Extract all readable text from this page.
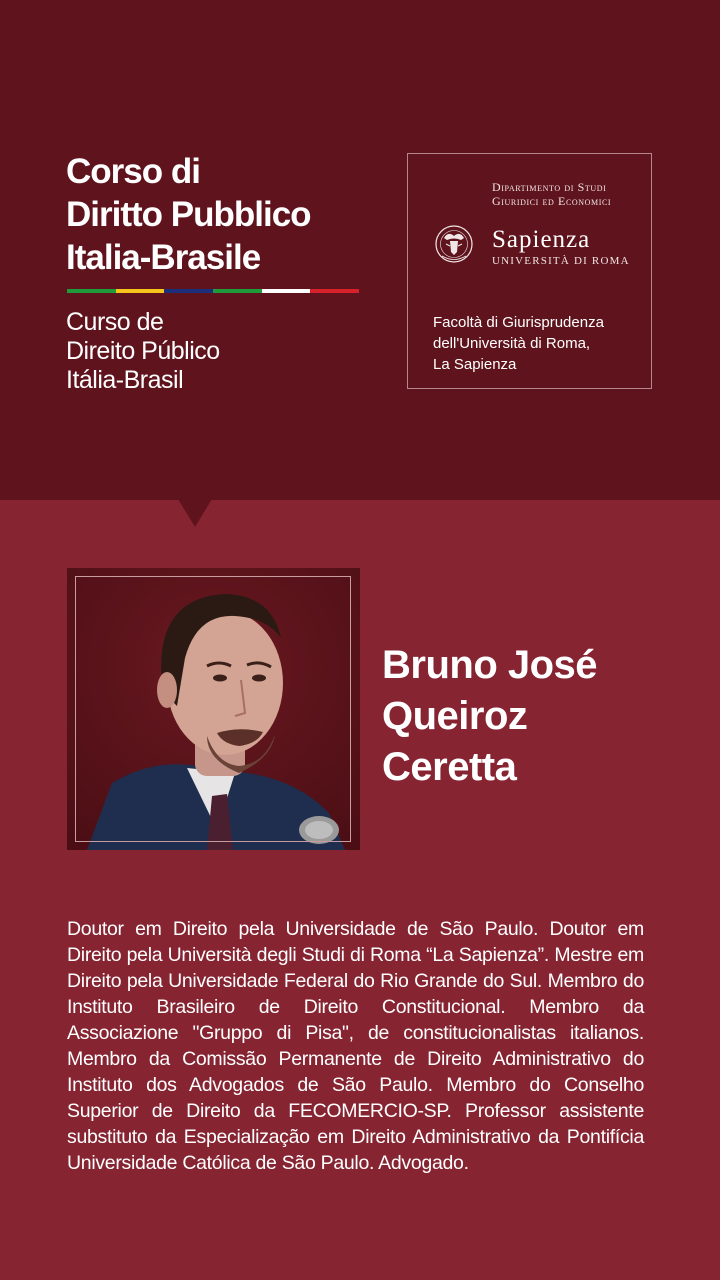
Corso di
Diritto Pubblico
Italia-Brasile
Curso de
Direito Público
Itália-Brasil
Dipartimento di Studi
Giuridici ed Economici
Sapienza
UNIVERSITÀ DI ROMA
Facoltà di Giurisprudenza
dell'Università di Roma,
La Sapienza
Bruno José
Queiroz
Ceretta

Doutor em Direito pela Universidade de São Paulo. Doutor em Direito pela Università degli Studi di Roma “La Sapienza”. Mestre em Direito pela Universidade Federal do Rio Grande do Sul. Membro do Instituto Brasileiro de Direito Constitucional. Membro da Associazione "Gruppo di Pisa", de constitucionalistas italianos. Membro da Comissão Permanente de Direito Administrativo do Instituto dos Advogados de São Paulo. Membro do Conselho Superior de Direito da FECOMERCIO-SP. Professor assistente substituto da Especialização em Direito Administrativo da Pontifícia Universidade Católica de São Paulo. Advogado.
